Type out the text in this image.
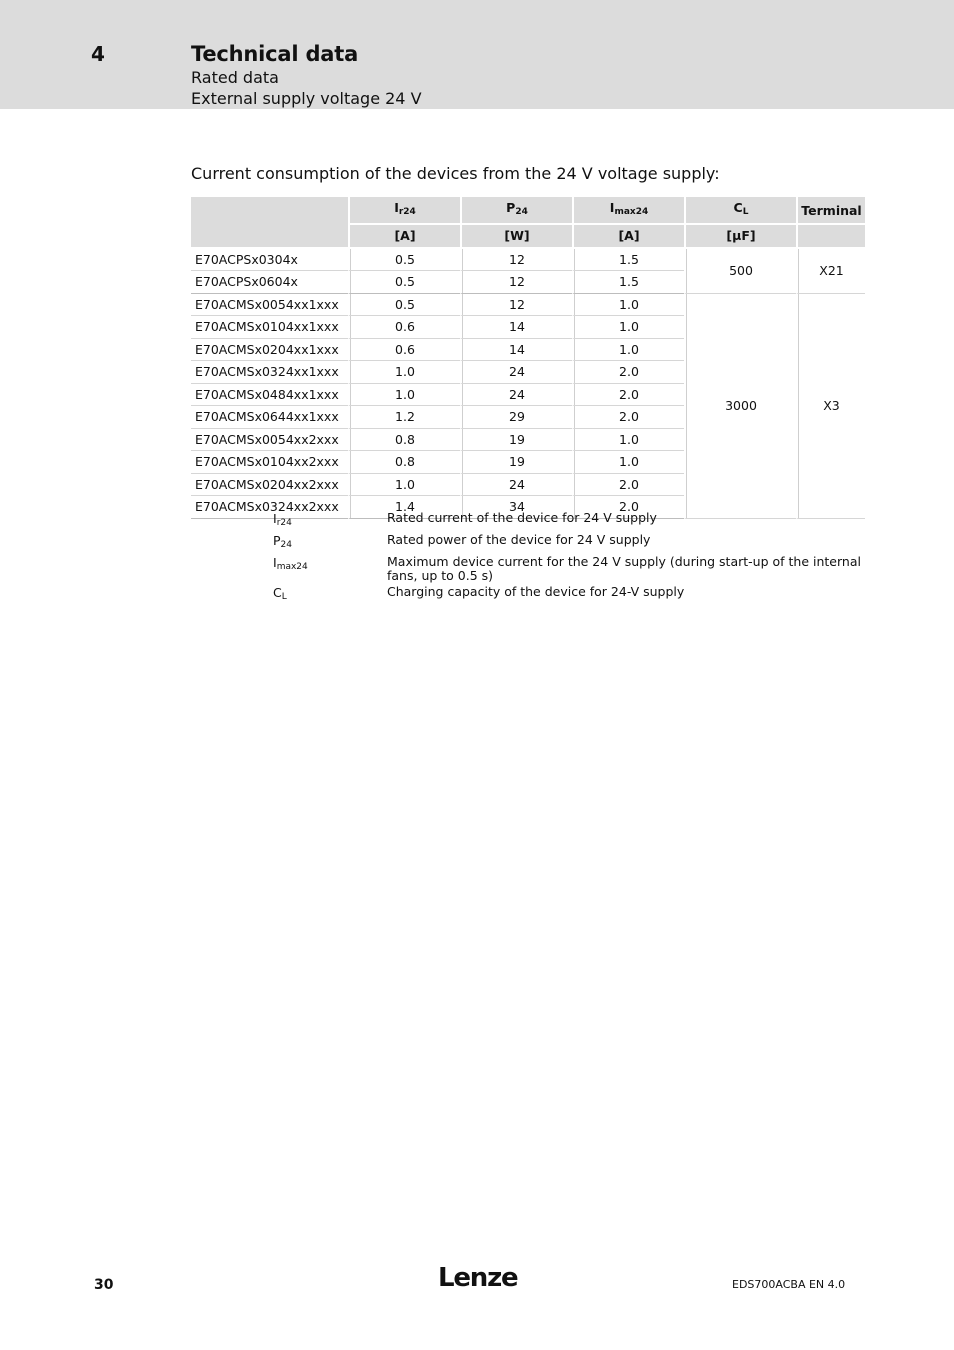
4	Technical data
Rated data
External supply voltage 24 V
Current consumption of the devices from the 24 V voltage supply:
	$I_{r24}$	$P_{24}$	$I_{max24}$	$C_L$	Terminal
	[A]	[W]	[A]	[µF]	
E70ACPSx0304x	0.5	12	1.5	500	X21
E70ACPSx0604x	0.5	12	1.5		
E70ACMSx0054xx1xxx	0.5	12	1.0	3000	X3
E70ACMSx0104xx1xxx	0.6	14	1.0		
E70ACMSx0204xx1xxx	0.6	14	1.0		
E70ACMSx0324xx1xxx	1.0	24	2.0		
E70ACMSx0484xx1xxx	1.0	24	2.0		
E70ACMSx0644xx1xxx	1.2	29	2.0		
E70ACMSx0054xx2xxx	0.8	19	1.0		
E70ACMSx0104xx2xxx	0.8	19	1.0		
E70ACMSx0204xx2xxx	1.0	24	2.0		
E70ACMSx0324xx2xxx	1.4	34	2.0		
$I_{r24}$	Rated current of the device for 24 V supply
$P_{24}$	Rated power of the device for 24 V supply
$I_{max24}$	Maximum device current for the 24 V supply (during start-up of the internal fans, up to 0.5 s)
$C_L$	Charging capacity of the device for 24-V supply
30	Lenze	EDS700ACBA EN 4.0
